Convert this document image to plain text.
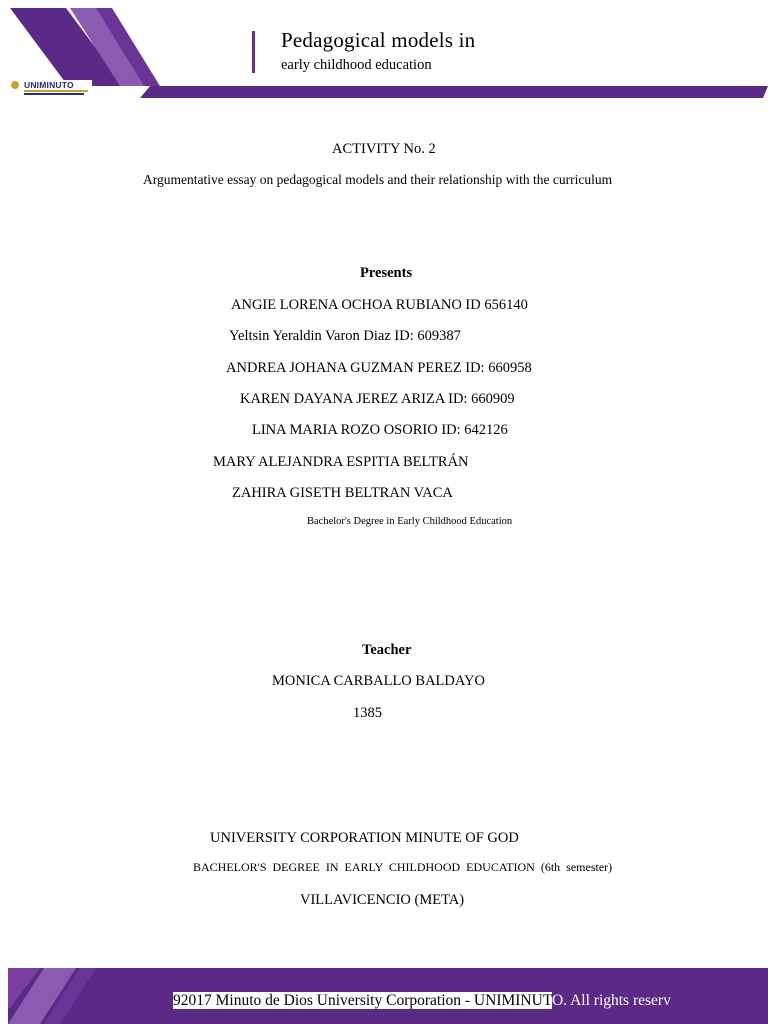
UNIMINUTO
Pedagogical models in
early childhood education
ACTIVITY No. 2
Argumentative essay on pedagogical models and their relationship with the curriculum
Presents
ANGIE LORENA OCHOA RUBIANO ID 656140
Yeltsin Yeraldin Varon Diaz ID: 609387
ANDREA JOHANA GUZMAN PEREZ ID: 660958
KAREN DAYANA JEREZ ARIZA ID: 660909
LINA MARIA ROZO OSORIO ID: 642126
MARY ALEJANDRA ESPITIA BELTRÁN
ZAHIRA GISETH BELTRAN VACA
Bachelor's Degree in Early Childhood Education
Teacher
MONICA CARBALLO BALDAYO
1385
UNIVERSITY CORPORATION MINUTE OF GOD
BACHELOR'S DEGREE IN EARLY CHILDHOOD EDUCATION (6th semester)
VILLAVICENCIO (META)
92017 Minuto de Dios University Corporation - UNIMINUTO. All rights reserv
